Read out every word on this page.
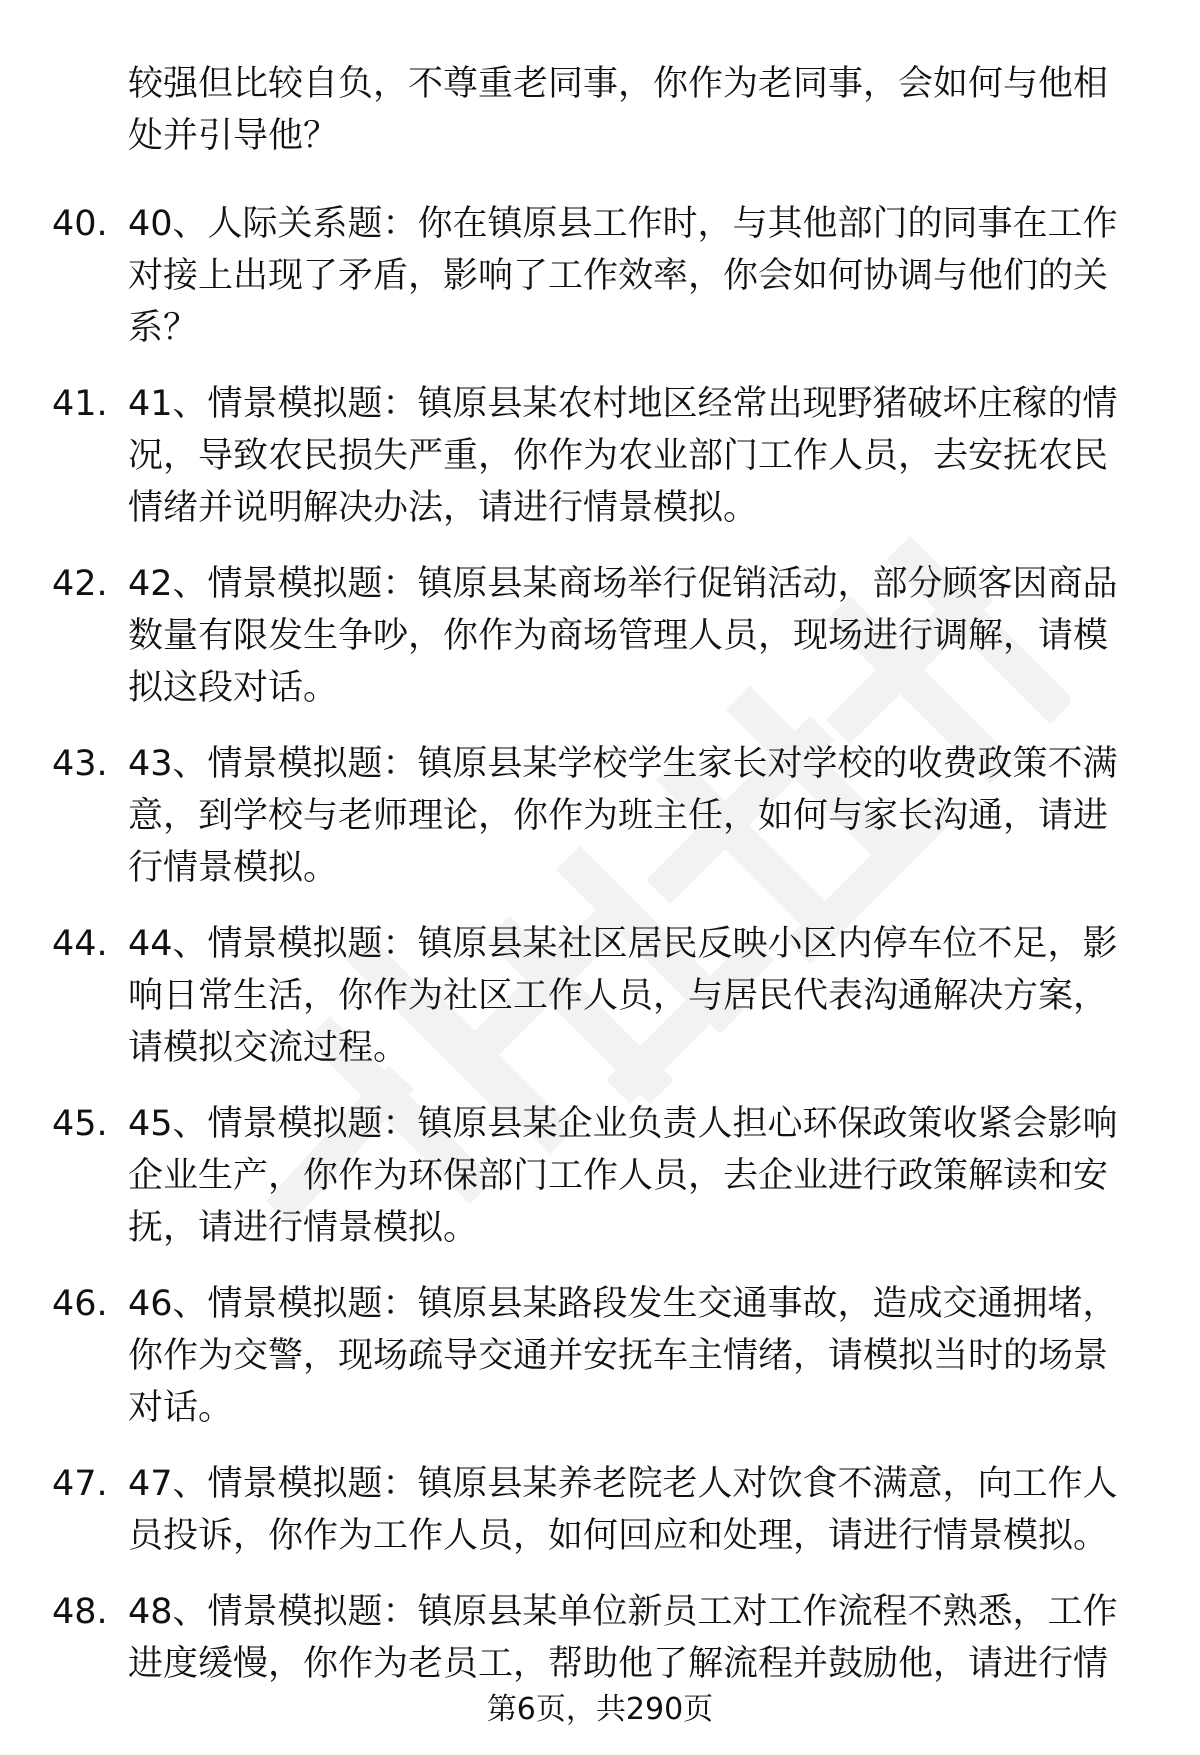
较强但比较自负，不尊重老同事，你作为老同事，会如何与他相处并引导他？

40. 40、人际关系题：你在镇原县工作时，与其他部门的同事在工作对接上出现了矛盾，影响了工作效率，你会如何协调与他们的关系？
41. 41、情景模拟题：镇原县某农村地区经常出现野猪破坏庄稼的情况，导致农民损失严重，你作为农业部门工作人员，去安抚农民情绪并说明解决办法，请进行情景模拟。
42. 42、情景模拟题：镇原县某商场举行促销活动，部分顾客因商品数量有限发生争吵，你作为商场管理人员，现场进行调解，请模拟这段对话。
43. 43、情景模拟题：镇原县某学校学生家长对学校的收费政策不满意，到学校与老师理论，你作为班主任，如何与家长沟通，请进行情景模拟。
44. 44、情景模拟题：镇原县某社区居民反映小区内停车位不足，影响日常生活，你作为社区工作人员，与居民代表沟通解决方案，请模拟交流过程。
45. 45、情景模拟题：镇原县某企业负责人担心环保政策收紧会影响企业生产，你作为环保部门工作人员，去企业进行政策解读和安抚，请进行情景模拟。
46. 46、情景模拟题：镇原县某路段发生交通事故，造成交通拥堵，你作为交警，现场疏导交通并安抚车主情绪，请模拟当时的场景对话。
47. 47、情景模拟题：镇原县某养老院老人对饮食不满意，向工作人员投诉，你作为工作人员，如何回应和处理，请进行情景模拟。
48. 48、情景模拟题：镇原县某单位新员工对工作流程不熟悉，工作进度缓慢，你作为老员工，帮助他了解流程并鼓励他，请进行情
第6页，共290页
